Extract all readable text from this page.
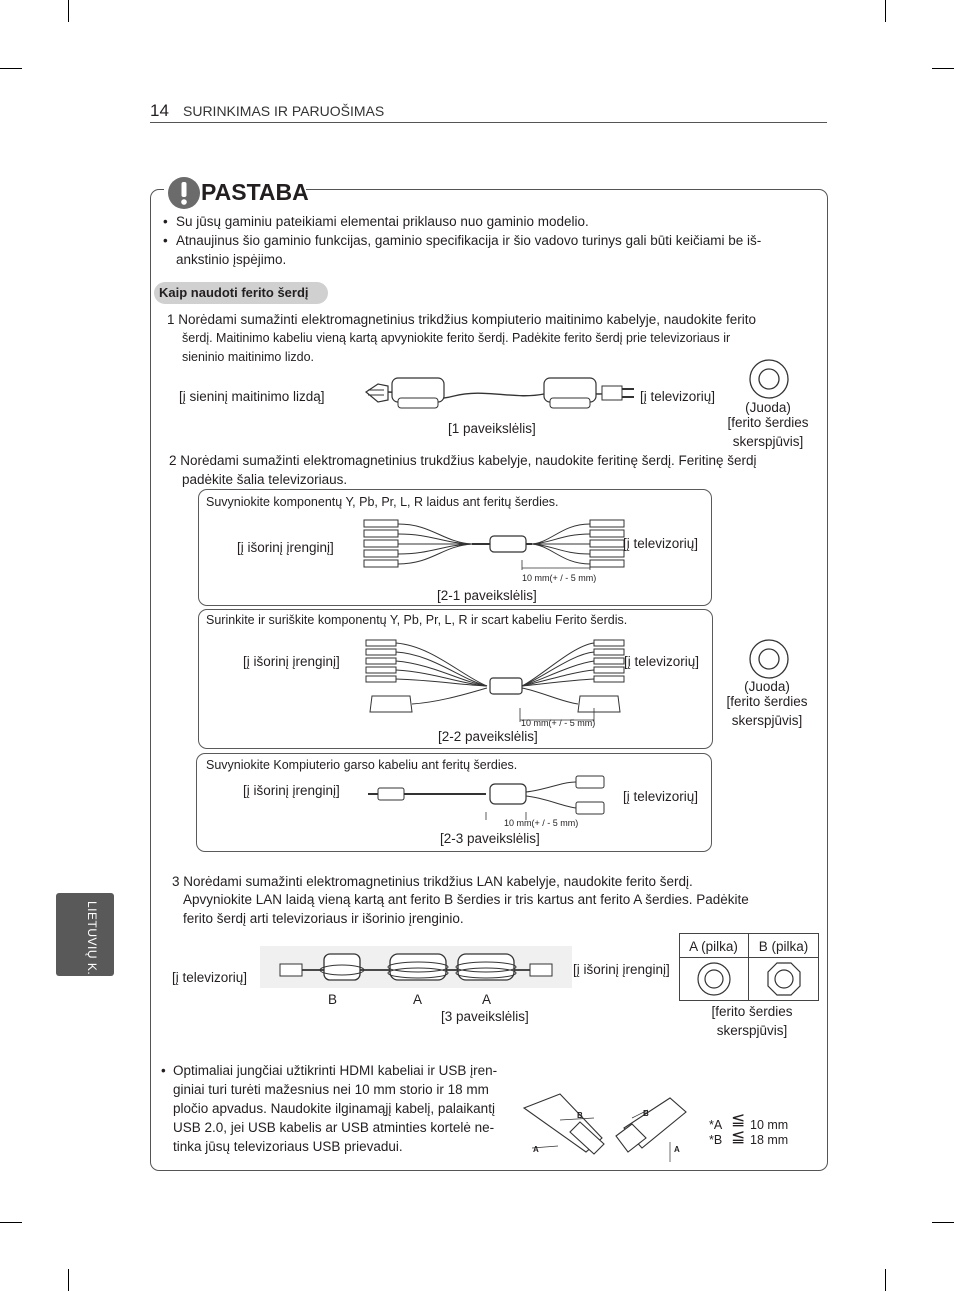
14 SURINKIMAS IR PARUOŠIMAS
LIETUVIŲ K.
PASTABA
• Su jūsų gaminiu pateikiami elementai priklauso nuo gaminio modelio.
• Atnaujinus šio gaminio funkcijas, gaminio specifikacija ir šio vadovo turinys gali būti keičiami be iš-
ankstinio įspėjimo.
Kaip naudoti ferito šerdį
1 Norėdami sumažinti elektromagnetinius trikdžius kompiuterio maitinimo kabelyje, naudokite ferito
šerdį. Maitinimo kabeliu vieną kartą apvyniokite ferito šerdį. Padėkite ferito šerdį prie televizoriaus ir
sieninio maitinimo lizdo.
[į sieninį maitinimo lizdą]	[į televizorių]
[1 paveikslėlis]
(Juoda)
[ferito šerdies
skerspjūvis]
2 Norėdami sumažinti elektromagnetinius trukdžius kabelyje, naudokite feritinę šerdį. Feritinę šerdį
padėkite šalia televizoriaus.
Suvyniokite komponentų Y, Pb, Pr, L, R laidus ant feritų šerdies.
[į išorinį įrenginį]
10 mm(+ / - 5 mm)
[į televizorių]
[2-1 paveikslėlis]
Surinkite ir suriškite komponentų Y, Pb, Pr, L, R ir scart kabeliu Ferito šerdis.
[į išorinį įrenginį]
10 mm(+ / - 5 mm)
[į televizorių]
[2-2 paveikslėlis]
(Juoda)
[ferito šerdies
skerspjūvis]
Suvyniokite Kompiuterio garso kabeliu ant feritų šerdies.
[į išorinį įrenginį]
10 mm(+ / - 5 mm)
[į televizorių]
[2-3 paveikslėlis]
3 Norėdami sumažinti elektromagnetinius trikdžius LAN kabelyje, naudokite ferito šerdį.
Apvyniokite LAN laidą vieną kartą ant ferito B šerdies ir tris kartus ant ferito A šerdies. Padėkite
ferito šerdį arti televizoriaus ir išorinio įrenginio.
[į televizorių]
B	A	A
[į išorinį įrenginį]
[3 paveikslėlis]
A (pilka)	B (pilka)
[ferito šerdies
skerspjūvis]
• Optimaliai jungčiai užtikrinti HDMI kabeliai ir USB įren-
giniai turi turėti mažesnius nei 10 mm storio ir 18 mm
pločio apvadus. Naudokite ilginamąjį kabelį, palaikantį
USB 2.0, jei USB kabelis ar USB atminties kortelė ne-
tinka jūsų televizoriaus USB prievadui.
B
A
B
A
*A
*B
≦
≦
10 mm
18 mm
